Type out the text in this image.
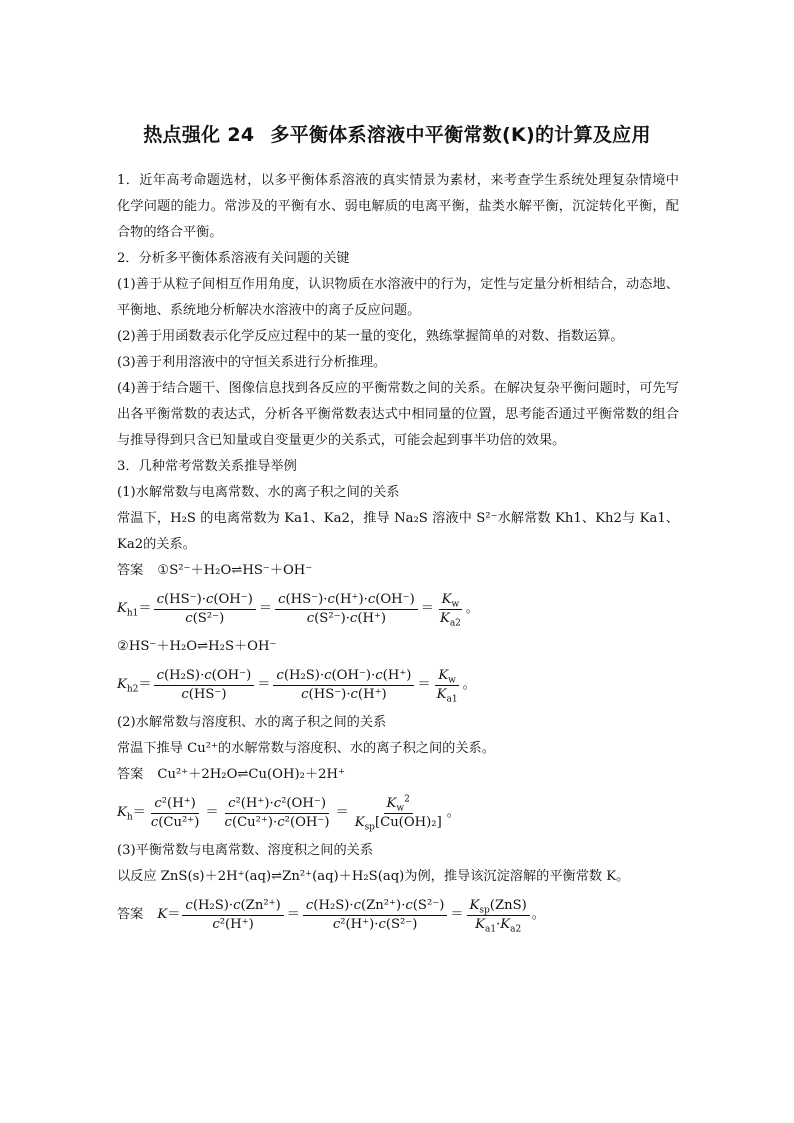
热点强化 24 多平衡体系溶液中平衡常数(K)的计算及应用

1．近年高考命题选材，以多平衡体系溶液的真实情景为素材，来考查学生系统处理复杂情境中化学问题的能力。常涉及的平衡有水、弱电解质的电离平衡，盐类水解平衡，沉淀转化平衡，配合物的络合平衡。

2．分析多平衡体系溶液有关问题的关键

(1)善于从粒子间相互作用角度，认识物质在水溶液中的行为，定性与定量分析相结合，动态地、平衡地、系统地分析解决水溶液中的离子反应问题。

(2)善于用函数表示化学反应过程中的某一量的变化，熟练掌握简单的对数、指数运算。

(3)善于利用溶液中的守恒关系进行分析推理。

(4)善于结合题干、图像信息找到各反应的平衡常数之间的关系。在解决复杂平衡问题时，可先写出各平衡常数的表达式，分析各平衡常数表达式中相同量的位置，思考能否通过平衡常数的组合与推导得到只含已知量或自变量更少的关系式，可能会起到事半功倍的效果。

3．几种常考常数关系推导举例

(1)水解常数与电离常数、水的离子积之间的关系

常温下，H₂S 的电离常数为 Ka1、Ka2，推导 Na₂S 溶液中 S²⁻水解常数 Kh1、Kh2与 Ka1、Ka2的关系。

答案 ①S²⁻＋H₂O⇌HS⁻＋OH⁻

$K_{h1}= \frac{c(HS^-)\cdot c(OH^-)}{\text{c(S²⁻)}} = \frac{c(HS^-)\cdot c(H^+)\cdot c(OH^-)}{\text{c(S²⁻)·c(H⁺)}} = \frac{K_w}{K_{a2}}$ 。

②HS⁻＋H₂O⇌H₂S＋OH⁻

$K_{h2}= \frac{\text{c(H₂S)·c(OH⁻)}}{c(HS^-)} = \frac{\text{c(H₂S)·c(OH⁻)·c(H⁺)}}{c(HS^-)\cdot c(H^+)} = \frac{K_w}{K_{a1}}$ 。

(2)水解常数与溶度积、水的离子积之间的关系

常温下推导 Cu²⁺的水解常数与溶度积、水的离子积之间的关系。

答案 Cu²⁺＋2H₂O⇌Cu(OH)₂＋2H⁺

$K_h= \frac{\text{c²(H⁺)}}{\text{c(Cu²⁺)}} = \frac{\text{c²(H⁺)·c²(OH⁻)}}{\text{c(Cu²⁺)·c²(OH⁻)}} = \frac{K_w^2}{K_{sp}[Cu(OH)_2]}$ 。

(3)平衡常数与电离常数、溶度积之间的关系

以反应 ZnS(s)＋2H⁺(aq)⇌Zn²⁺(aq)＋H₂S(aq)为例，推导该沉淀溶解的平衡常数 K。

答案 $K= \frac{\text{c(H₂S)·c(Zn²⁺)}}{\text{c²(H⁺)}} = \frac{\text{c(H₂S)·c(Zn²⁺)·c(S²⁻)}}{\text{c²(H⁺)·c(S²⁻)}} = \frac{K_{sp}(ZnS)}{K_{a1}\cdot K_{a2}}$ 。
